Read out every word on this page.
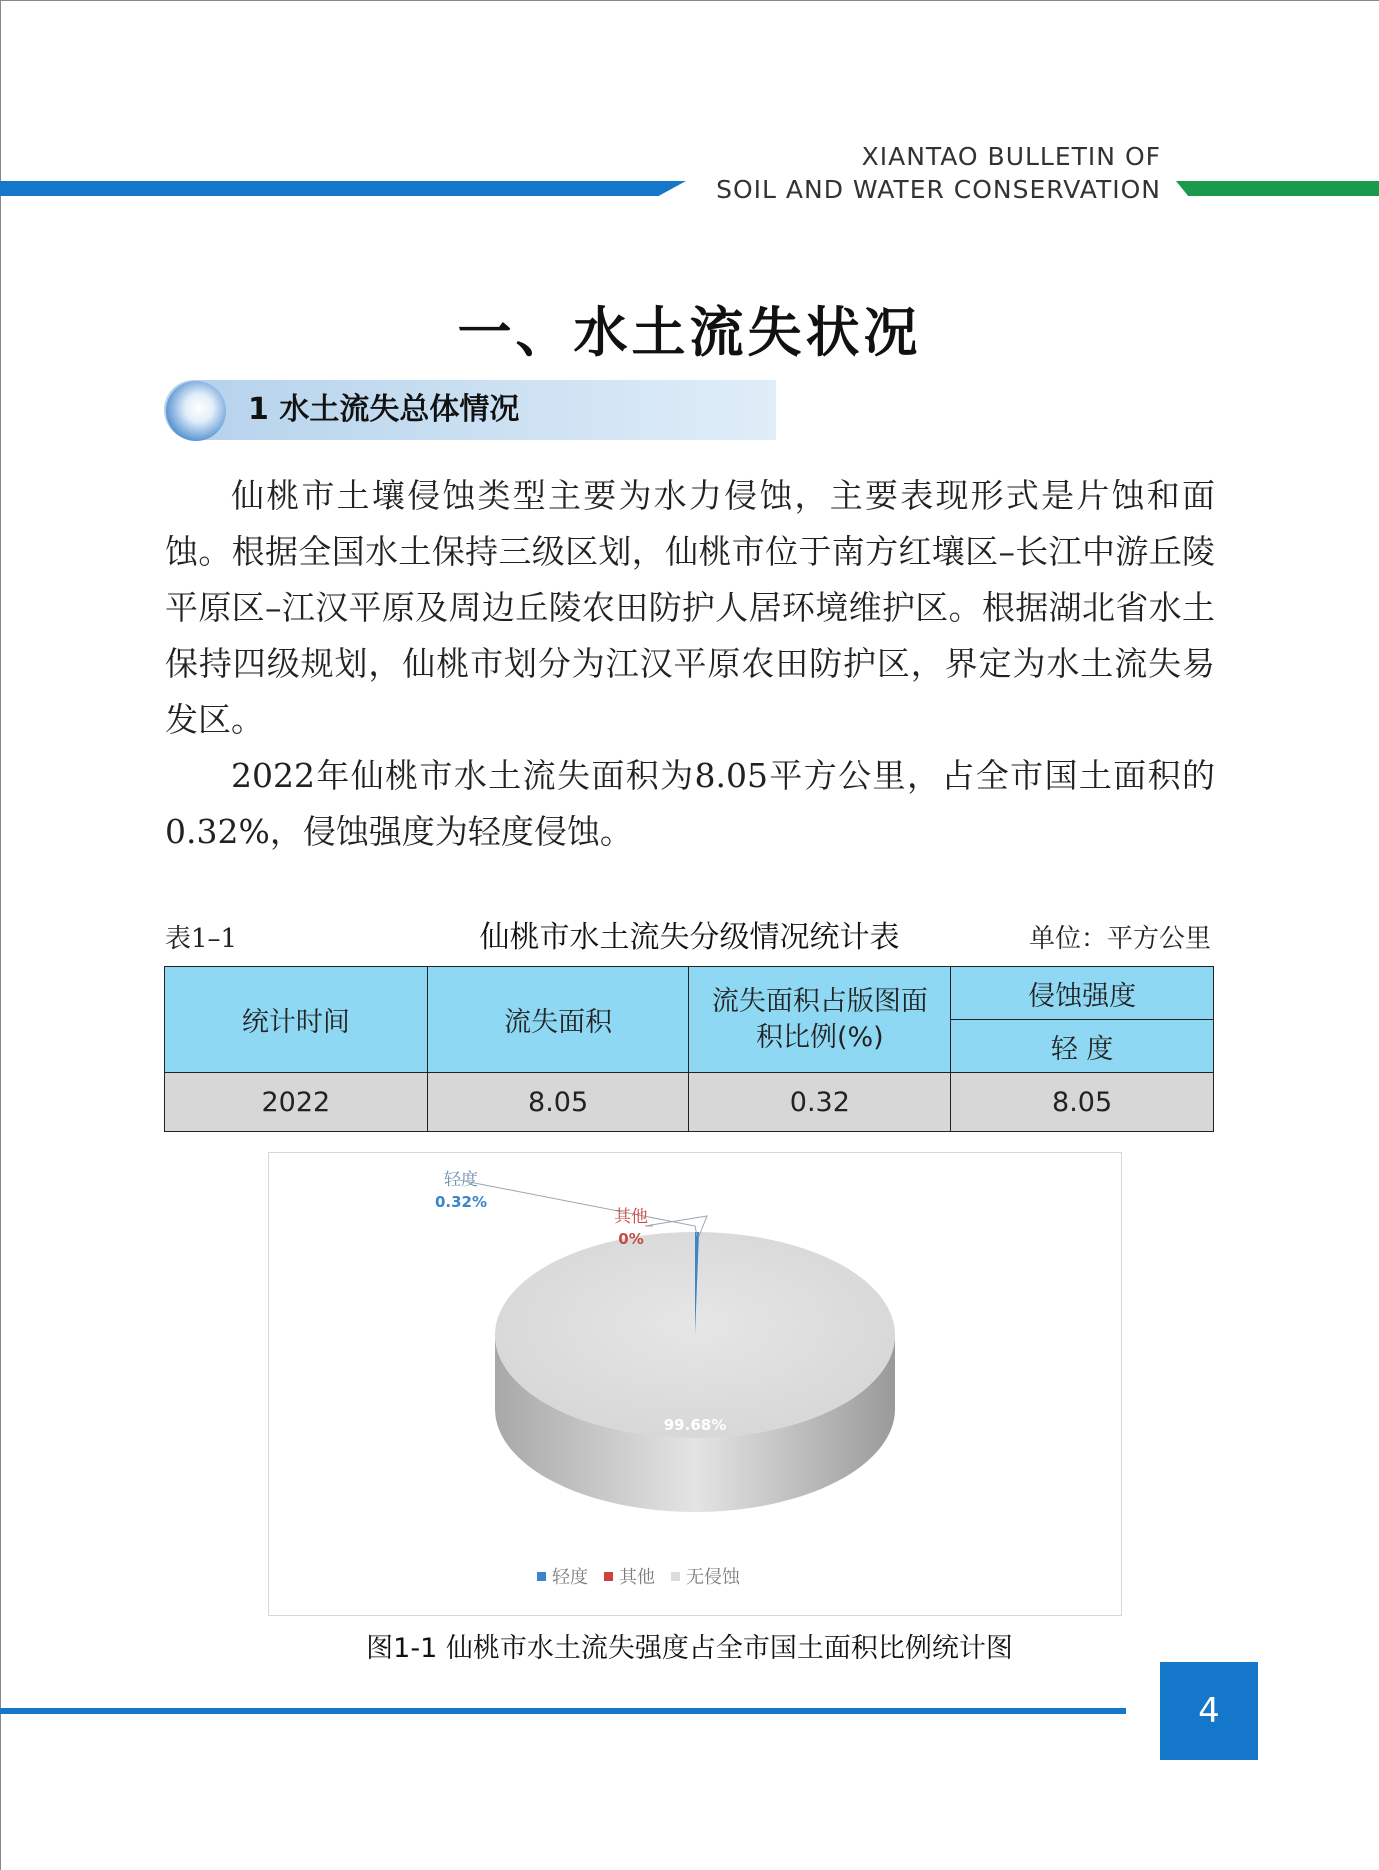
XIANTAO BULLETIN OF
SOIL AND WATER CONSERVATION
一、水土流失状况
1 水土流失总体情况

仙桃市土壤侵蚀类型主要为水力侵蚀，主要表现形式是片蚀和面蚀。根据全国水土保持三级区划，仙桃市位于南方红壤区–长江中游丘陵平原区–江汉平原及周边丘陵农田防护人居环境维护区。根据湖北省水土保持四级规划，仙桃市划分为江汉平原农田防护区，界定为水土流失易发区。

2022年仙桃市水土流失面积为8.05平方公里，占全市国土面积的0.32%，侵蚀强度为轻度侵蚀。

表1–1	仙桃市水土流失分级情况统计表	单位：平方公里
统计时间	流失面积	流失面积占版图面积比例(%)	侵蚀强度
			轻 度
2022	8.05	0.32	8.05
轻度
0.32%
其他
0%
99.68%
轻度 其他 无侵蚀
图1-1 仙桃市水土流失强度占全市国土面积比例统计图
4
